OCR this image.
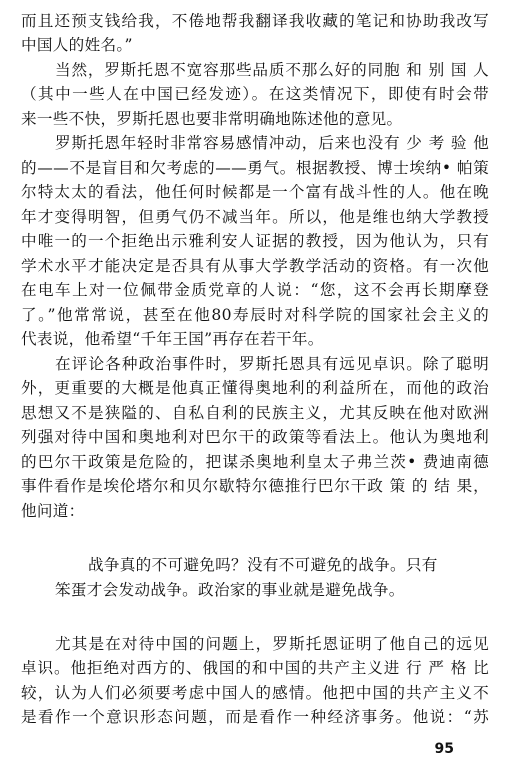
而且还预支钱给我，不倦地帮我翻译我收藏的笔记和协助我改写
中国人的姓名。”
当然，罗斯托恩不宽容那些品质不那么好的同胞 和 别 国 人
（其中一些人在中国已经发迹）。在这类情况下，即使有时会带
来一些不快，罗斯托恩也要非常明确地陈述他的意见。
罗斯托恩年轻时非常容易感情冲动，后来也没有 少 考 验 他
的——不是盲目和欠考虑的——勇气。根据教授、博士埃纳• 帕策
尔特太太的看法，他任何时候都是一个富有战斗性的人。他在晚
年才变得明智，但勇气仍不减当年。所以，他是维也纳大学教授
中唯一的一个拒绝出示雅利安人证据的教授，因为他认为，只有
学术水平才能决定是否具有从事大学教学活动的资格。有一次他
在电车上对一位佩带金质党章的人说：“您，这不会再长期摩登
了。”他常常说，甚至在他80寿辰时对科学院的国家社会主义的
代表说，他希望“千年王国”再存在若干年。
在评论各种政治事件时，罗斯托恩具有远见卓识。除了聪明
外，更重要的大概是他真正懂得奥地利的利益所在，而他的政治
思想又不是狭隘的、自私自利的民族主义，尤其反映在他对欧洲
列强对待中国和奥地利对巴尔干的政策等看法上。他认为奥地利
的巴尔干政策是危险的，把谋杀奥地利皇太子弗兰茨• 费迪南德
事件看作是埃伦塔尔和贝尔歇特尔德推行巴尔干政 策 的 结 果，
他问道：
战争真的不可避免吗？没有不可避免的战争。只有
笨蛋才会发动战争。政治家的事业就是避免战争。
尤其是在对待中国的问题上，罗斯托恩证明了他自己的远见
卓识。他拒绝对西方的、俄国的和中国的共产主义进 行 严 格 比
较，认为人们必须要考虑中国人的感情。他把中国的共产主义不
是看作一个意识形态问题，而是看作一种经济事务。他说：“苏
95
